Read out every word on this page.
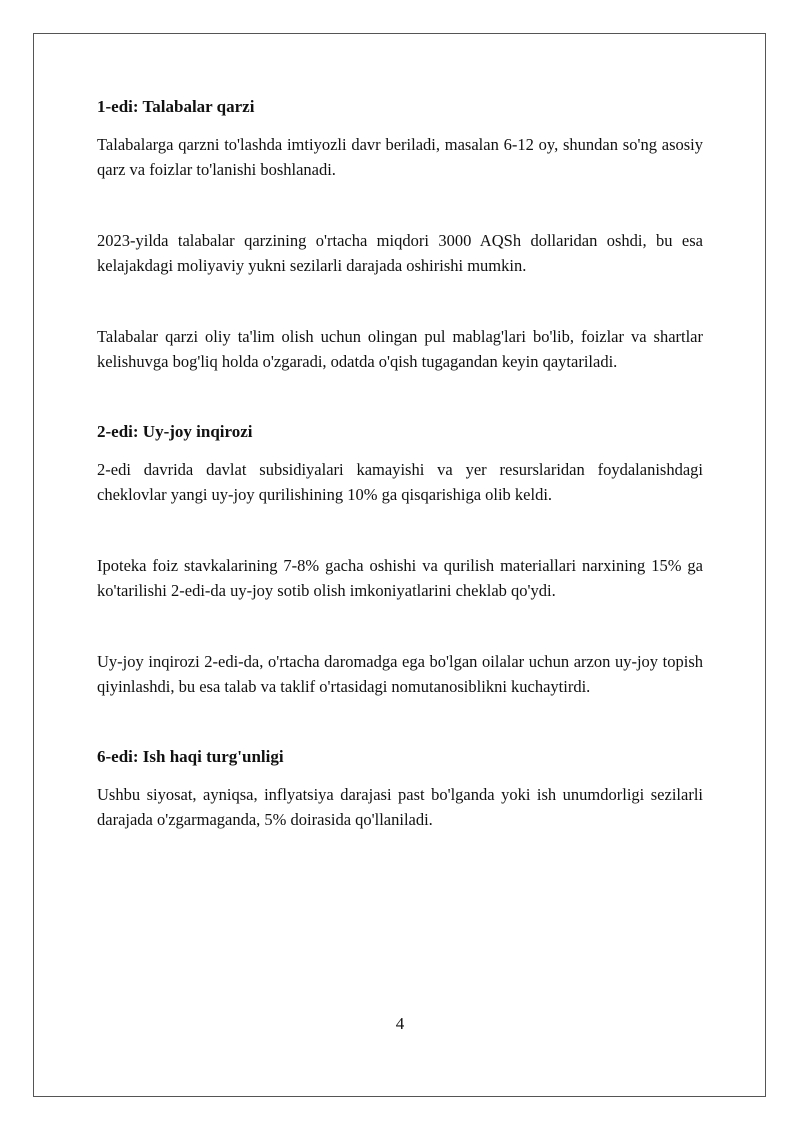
1-edi: Talabalar qarzi

Talabalarga qarzni to'lashda imtiyozli davr beriladi, masalan 6-12 oy, shundan so'ng asosiy qarz va foizlar to'lanishi boshlanadi.

2023-yilda talabalar qarzining o'rtacha miqdori 3000 AQSh dollaridan oshdi, bu esa kelajakdagi moliyaviy yukni sezilarli darajada oshirishi mumkin.

Talabalar qarzi oliy ta'lim olish uchun olingan pul mablag'lari bo'lib, foizlar va shartlar kelishuvga bog'liq holda o'zgaradi, odatda o'qish tugagandan keyin qaytariladi.

2-edi: Uy-joy inqirozi

2-edi davrida davlat subsidiyalari kamayishi va yer resurslaridan foydalanishdagi cheklovlar yangi uy-joy qurilishining 10% ga qisqarishiga olib keldi.

Ipoteka foiz stavkalarining 7-8% gacha oshishi va qurilish materiallari narxining 15% ga ko'tarilishi 2-edi-da uy-joy sotib olish imkoniyatlarini cheklab qo'ydi.

Uy-joy inqirozi 2-edi-da, o'rtacha daromadga ega bo'lgan oilalar uchun arzon uy-joy topish qiyinlashdi, bu esa talab va taklif o'rtasidagi nomutanosiblikni kuchaytirdi.

6-edi: Ish haqi turg'unligi

Ushbu siyosat, ayniqsa, inflyatsiya darajasi past bo'lganda yoki ish unumdorligi sezilarli darajada o'zgarmaganda, 5% doirasida qo'llaniladi.

4
